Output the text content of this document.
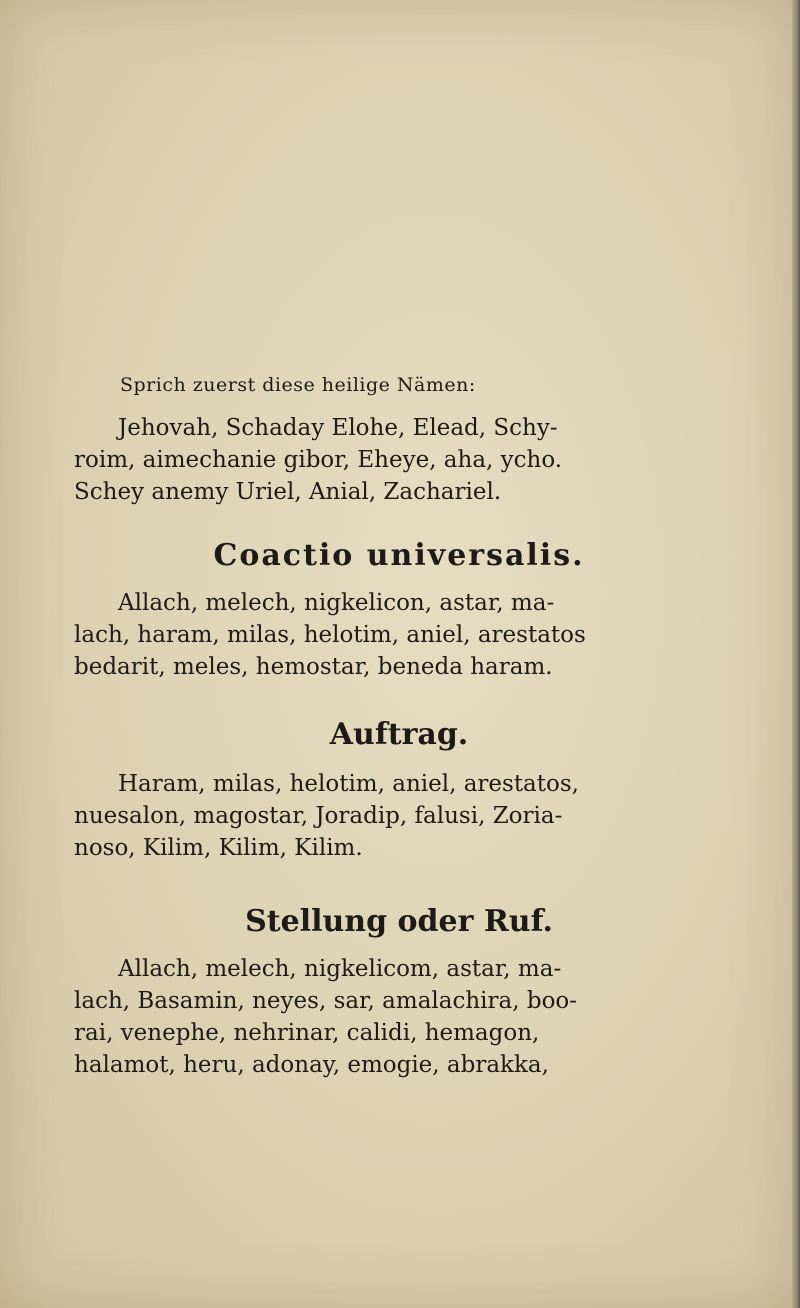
Sprich zuerst diese heilige Nämen:

Jehovah, Schaday Elohe, Elead, Schy-
roim, aimechanie gibor, Eheye, aha, ycho.
Schey anemy Uriel, Anial, Zachariel.

Coactio universalis.

Allach, melech, nigkelicon, astar, ma-
lach, haram, milas, helotim, aniel, arestatos
bedarit, meles, hemostar, beneda haram.

Auftrag.

Haram, milas, helotim, aniel, arestatos,
nuesalon, magostar, Joradip, falusi, Zoria-
noso, Kilim, Kilim, Kilim.

Stellung oder Ruf.

Allach, melech, nigkelicom, astar, ma-
lach, Basamin, neyes, sar, amalachira, boo-
rai, venephe, nehrinar, calidi, hemagon,
halamot, heru, adonay, emogie, abrakka,
